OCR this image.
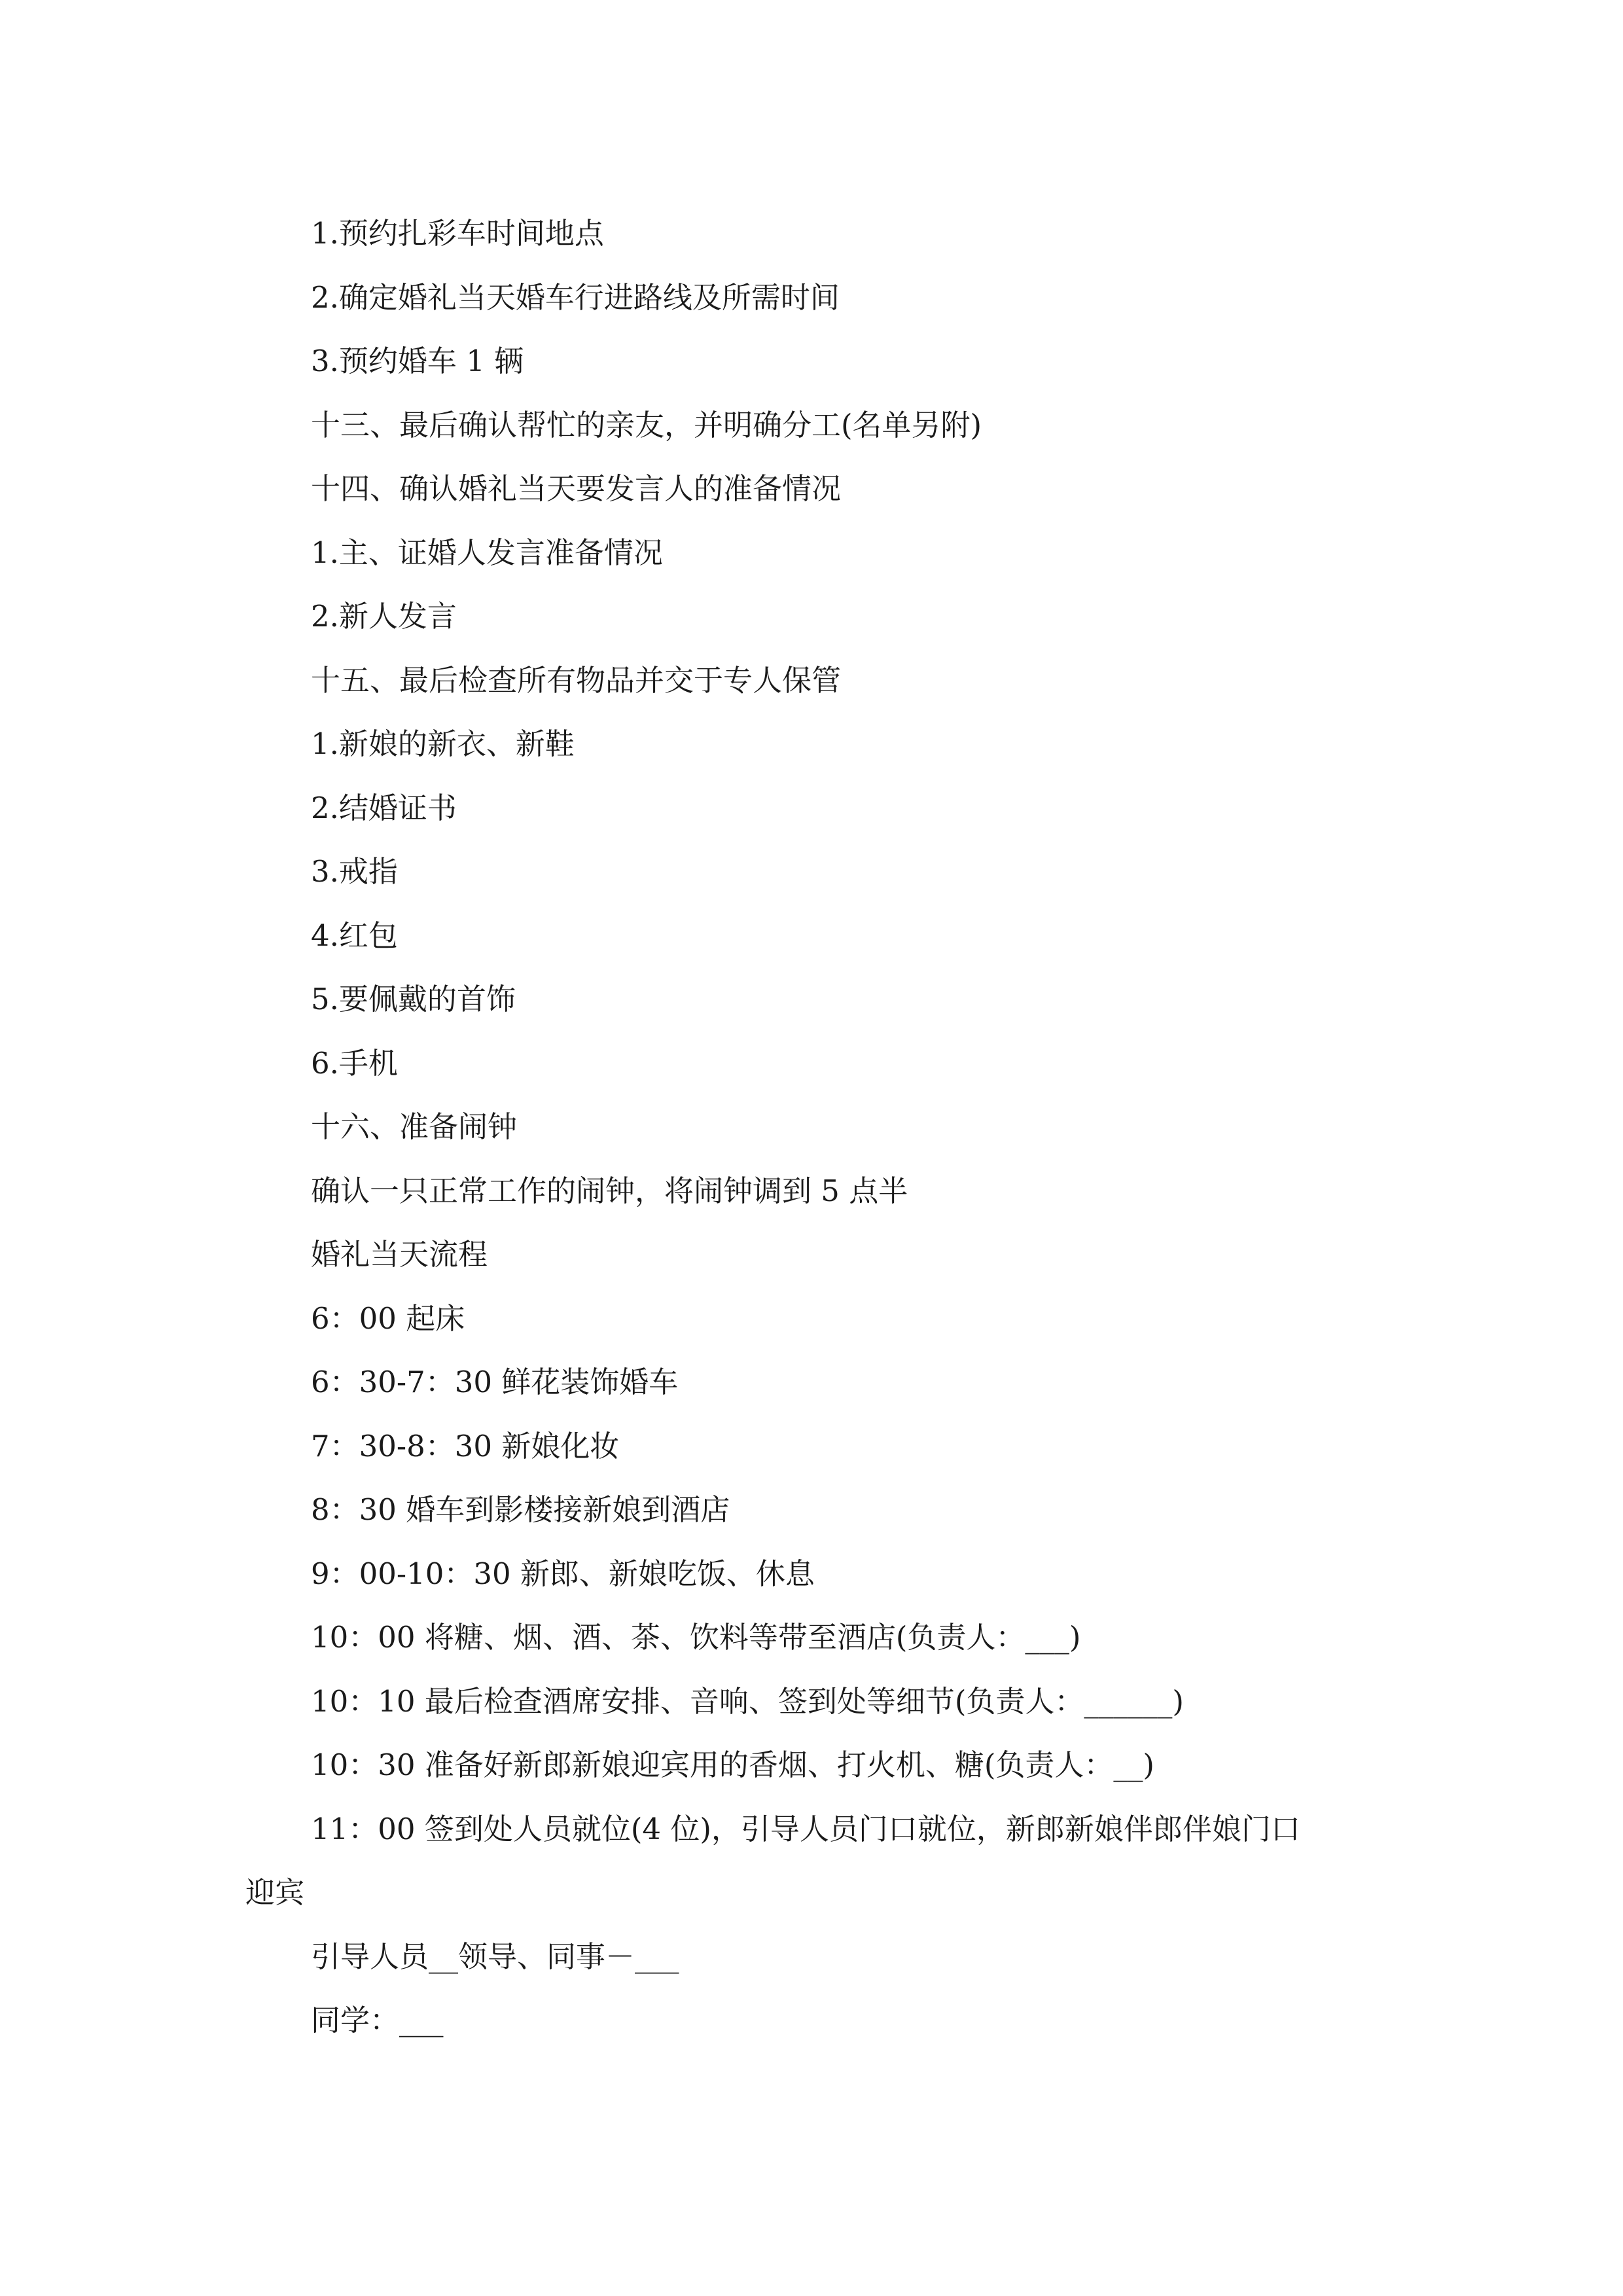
1.预约扎彩车时间地点
2.确定婚礼当天婚车行进路线及所需时间
3.预约婚车 1 辆
十三、最后确认帮忙的亲友，并明确分工(名单另附)
十四、确认婚礼当天要发言人的准备情况
1.主、证婚人发言准备情况
2.新人发言
十五、最后检查所有物品并交于专人保管
1.新娘的新衣、新鞋
2.结婚证书
3.戒指
4.红包
5.要佩戴的首饰
6.手机
十六、准备闹钟
确认一只正常工作的闹钟，将闹钟调到 5 点半
婚礼当天流程
6：00 起床
6：30-7：30 鲜花装饰婚车
7：30-8：30 新娘化妆
8：30 婚车到影楼接新娘到酒店
9：00-10：30 新郎、新娘吃饭、休息
10：00 将糖、烟、酒、茶、饮料等带至酒店(负责人：___)
10：10 最后检查酒席安排、音响、签到处等细节(负责人：______)
10：30 准备好新郎新娘迎宾用的香烟、打火机、糖(负责人：__)
11：00 签到处人员就位(4 位)，引导人员门口就位，新郎新娘伴郎伴娘门口
迎宾
引导人员__领导、同事－___
同学：___
